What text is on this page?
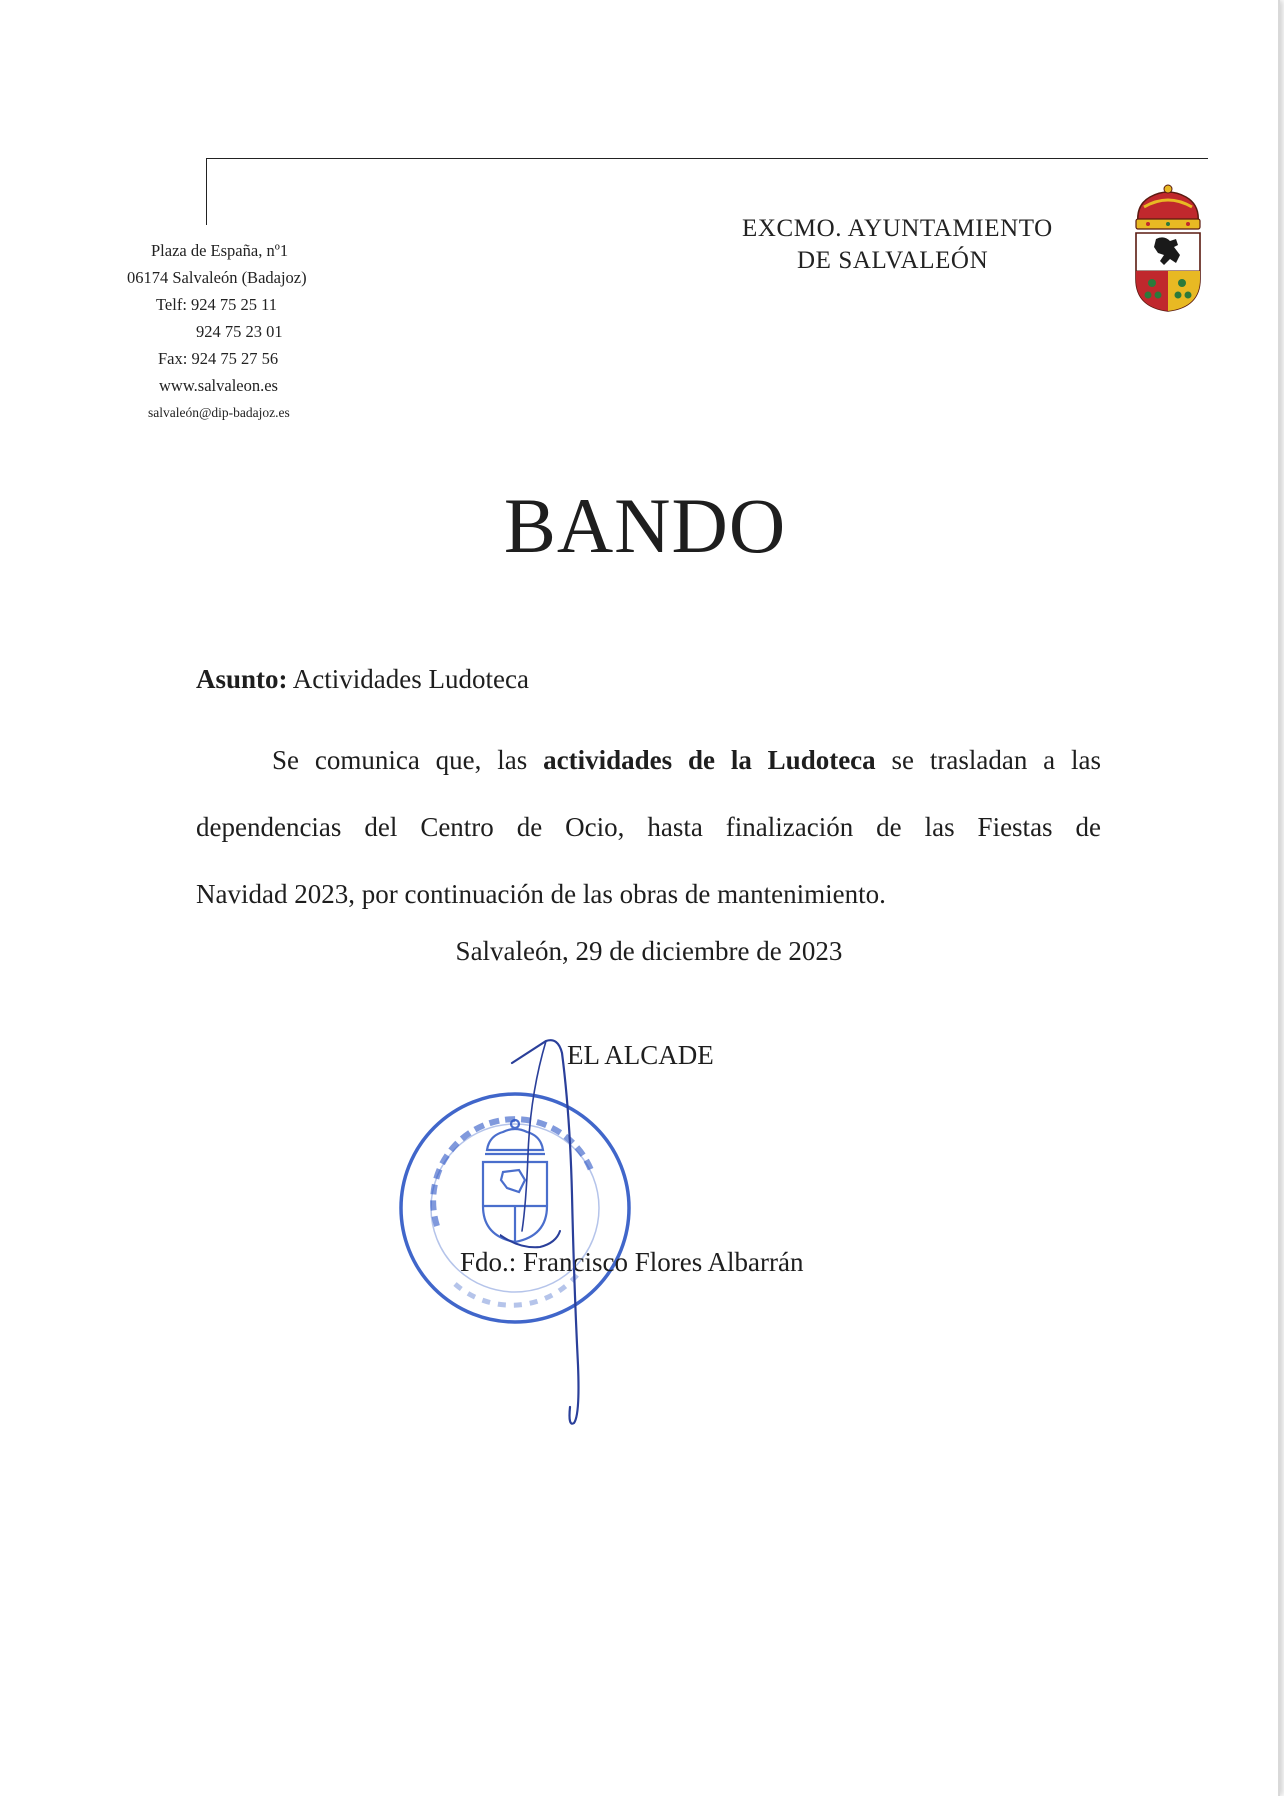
Plaza de España, nº1
06174 Salvaleón (Badajoz)
Telf: 924 75 25 11
924 75 23 01
Fax: 924 75 27 56
www.salvaleon.es
salvaleón@dip-badajoz.es
EXCMO. AYUNTAMIENTO
DE SALVALEÓN
BANDO
Asunto: Actividades Ludoteca
Se comunica que, las actividades de la Ludoteca se trasladan a las
dependencias del Centro de Ocio, hasta finalización de las Fiestas de
Navidad 2023, por continuación de las obras de mantenimiento.
Salvaleón, 29 de diciembre de 2023
EL ALCADE
Fdo.: Francisco Flores Albarrán
